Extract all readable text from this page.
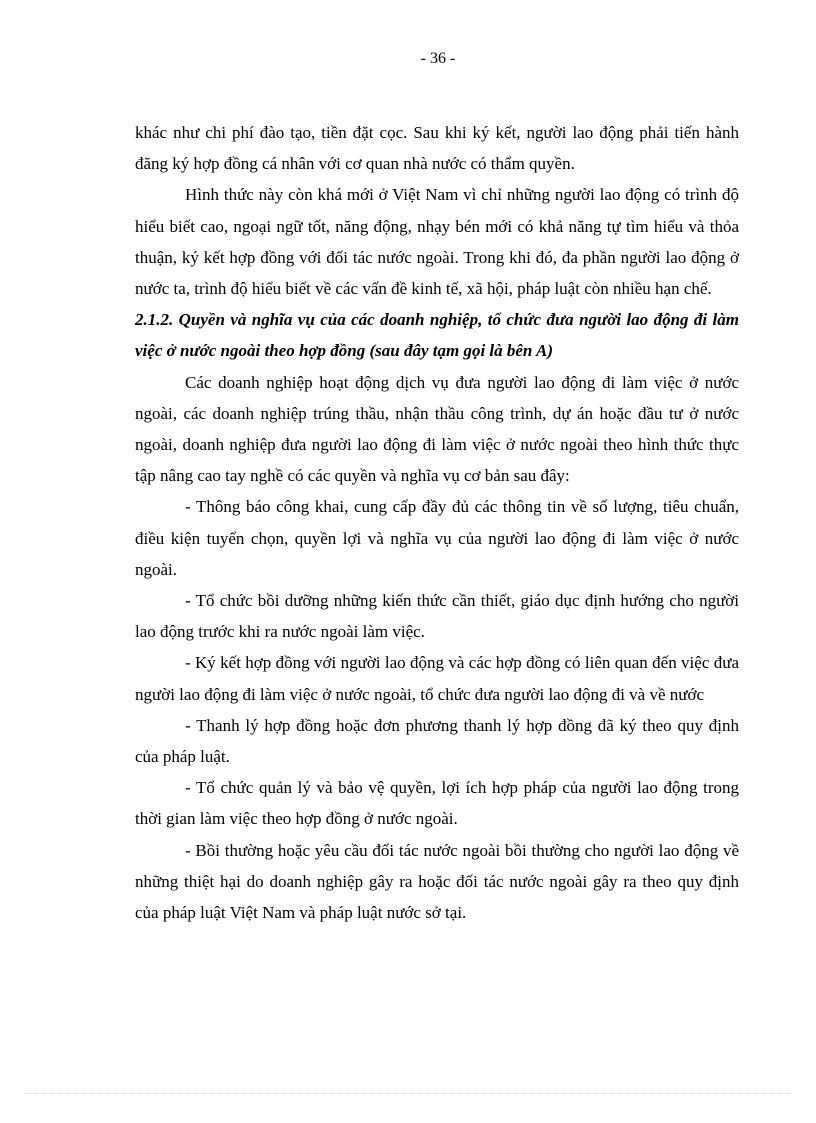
- 36 -

khác như chi phí đào tạo, tiền đặt cọc. Sau khi ký kết, người lao động phải tiến hành đăng ký hợp đồng cá nhân với cơ quan nhà nước có thẩm quyền.

Hình thức này còn khá mới ở Việt Nam vì chỉ những người lao động có trình độ hiểu biết cao, ngoại ngữ tốt, năng động, nhạy bén mới có khả năng tự tìm hiểu và thỏa thuận, ký kết hợp đồng với đối tác nước ngoài. Trong khi đó, đa phần người lao động ở nước ta, trình độ hiểu biết về các vấn đề kinh tế, xã hội, pháp luật còn nhiều hạn chế.

2.1.2. Quyền và nghĩa vụ của các doanh nghiệp, tổ chức đưa người lao động đi làm việc ở nước ngoài theo hợp đồng (sau đây tạm gọi là bên A)

Các doanh nghiệp hoạt động dịch vụ đưa người lao động đi làm việc ở nước ngoài, các doanh nghiệp trúng thầu, nhận thầu công trình, dự án hoặc đầu tư ở nước ngoài, doanh nghiệp đưa người lao động đi làm việc ở nước ngoài theo hình thức thực tập nâng cao tay nghề có các quyền và nghĩa vụ cơ bản sau đây:

- Thông báo công khai, cung cấp đầy đủ các thông tin về số lượng, tiêu chuẩn, điều kiện tuyển chọn, quyền lợi và nghĩa vụ của người lao động đi làm việc ở nước ngoài.

- Tổ chức bồi dưỡng những kiến thức cần thiết, giáo dục định hướng cho người lao động trước khi ra nước ngoài làm việc.

- Ký kết hợp đồng với người lao động và các hợp đồng có liên quan đến việc đưa người lao động đi làm việc ở nước ngoài, tổ chức đưa người lao động đi và về nước

- Thanh lý hợp đồng hoặc đơn phương thanh lý hợp đồng đã ký theo quy định của pháp luật.

- Tổ chức quản lý và bảo vệ quyền, lợi ích hợp pháp của người lao động trong thời gian làm việc theo hợp đồng ở nước ngoài.

- Bồi thường hoặc yêu cầu đối tác nước ngoài bồi thường cho người lao động về những thiệt hại do doanh nghiệp gây ra hoặc đối tác nước ngoài gây ra theo quy định của pháp luật Việt Nam và pháp luật nước sở tại.
